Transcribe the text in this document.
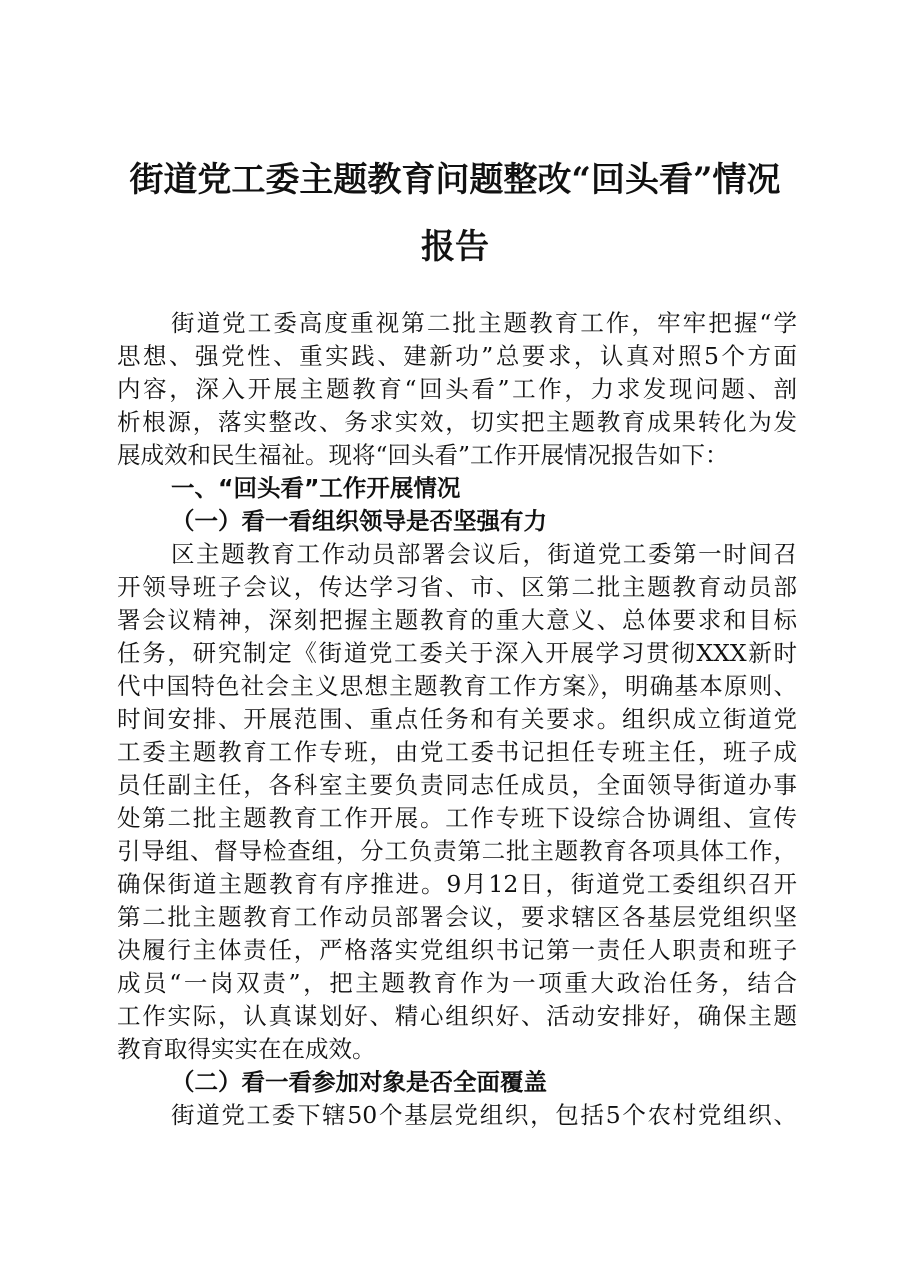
街道党工委主题教育问题整改“回头看”情况
报告
街道党工委高度重视第二批主题教育工作，牢牢把握“学
思想、强党性、重实践、建新功”总要求，认真对照5个方面
内容，深入开展主题教育“回头看”工作，力求发现问题、剖
析根源，落实整改、务求实效，切实把主题教育成果转化为发
展成效和民生福祉。现将“回头看”工作开展情况报告如下：
一、“回头看”工作开展情况
（一）看一看组织领导是否坚强有力
区主题教育工作动员部署会议后，街道党工委第一时间召
开领导班子会议，传达学习省、市、区第二批主题教育动员部
署会议精神，深刻把握主题教育的重大意义、总体要求和目标
任务，研究制定《街道党工委关于深入开展学习贯彻XXX新时
代中国特色社会主义思想主题教育工作方案》，明确基本原则、
时间安排、开展范围、重点任务和有关要求。组织成立街道党
工委主题教育工作专班，由党工委书记担任专班主任，班子成
员任副主任，各科室主要负责同志任成员，全面领导街道办事
处第二批主题教育工作开展。工作专班下设综合协调组、宣传
引导组、督导检查组，分工负责第二批主题教育各项具体工作，
确保街道主题教育有序推进。9月12日，街道党工委组织召开
第二批主题教育工作动员部署会议，要求辖区各基层党组织坚
决履行主体责任，严格落实党组织书记第一责任人职责和班子
成员“一岗双责”，把主题教育作为一项重大政治任务，结合
工作实际，认真谋划好、精心组织好、活动安排好，确保主题
教育取得实实在在成效。
（二）看一看参加对象是否全面覆盖
街道党工委下辖50个基层党组织，包括5个农村党组织、
